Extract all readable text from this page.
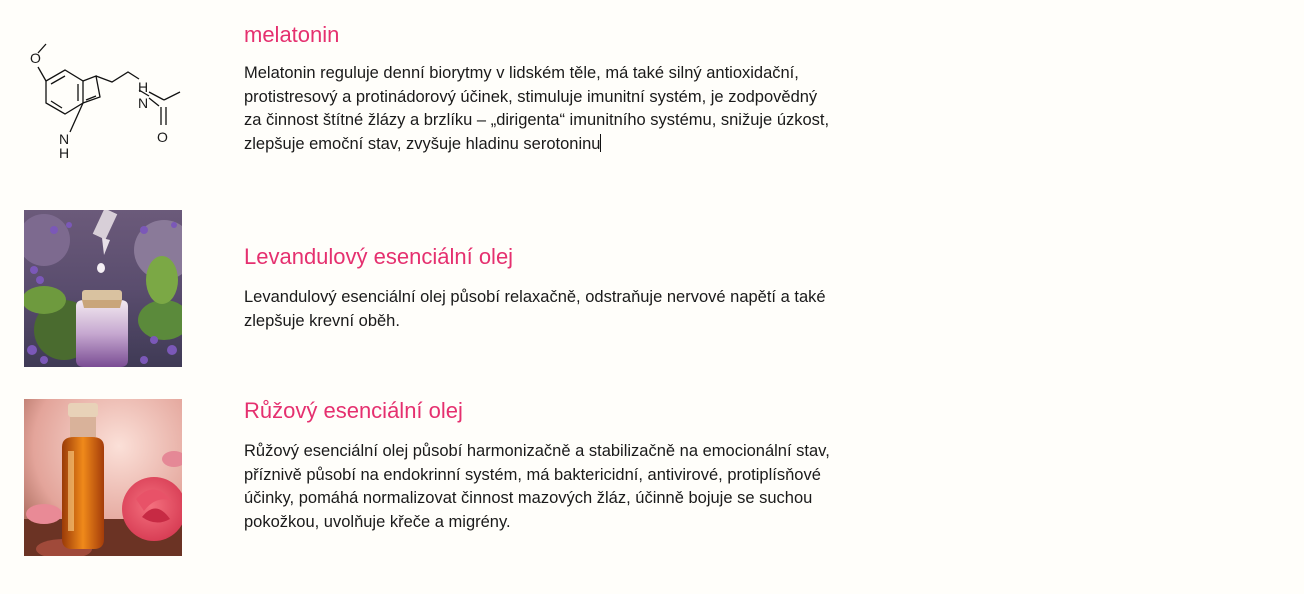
O
N
H
O
N
H
melatonin

Melatonin reguluje denní biorytmy v lidském těle, má také silný antioxidační, protistresový a protinádorový účinek, stimuluje imunitní systém, je zodpovědný za činnost štítné žlázy a brzlíku – „dirigenta“ imunitního systému, snižuje úzkost, zlepšuje emoční stav, zvyšuje hladinu serotoninu

Levandulový esenciální olej

Levandulový esenciální olej působí relaxačně, odstraňuje nervové napětí a také zlepšuje krevní oběh.

Růžový esenciální olej

Růžový esenciální olej působí harmonizačně a stabilizačně na emocionální stav, příznivě působí na endokrinní systém, má baktericidní, antivirové, protiplísňové účinky, pomáhá normalizovat činnost mazových žláz, účinně bojuje se suchou pokožkou, uvolňuje křeče a migrény.
